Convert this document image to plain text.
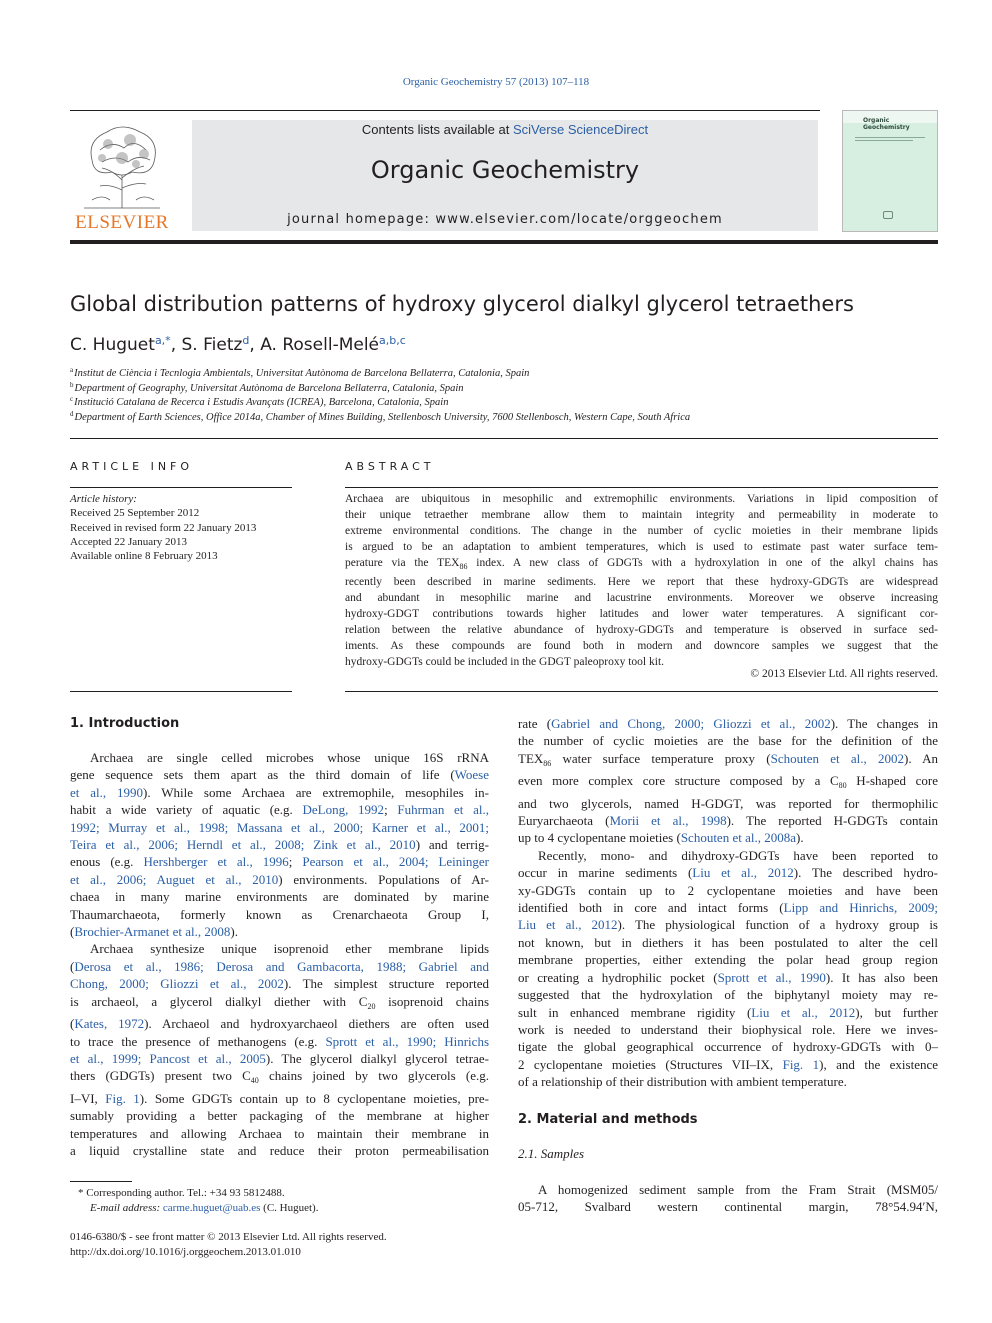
Organic Geochemistry 57 (2013) 107–118
ELSEVIER
Contents lists available at SciVerse ScienceDirect
Organic Geochemistry
journal homepage: www.elsevier.com/locate/orggeochem
Organic
Geochemistry
Global distribution patterns of hydroxy glycerol dialkyl glycerol tetraethers
C. Huguet$^{a,*}$, S. Fietz$^d$, A. Rosell-Melé$^{a,b,c}$
$^a$Institut de Ciència i Tecnlogia Ambientals, Universitat Autònoma de Barcelona Bellaterra, Catalonia, Spain
$^b$Department of Geography, Universitat Autònoma de Barcelona Bellaterra, Catalonia, Spain
$^c$Institució Catalana de Recerca i Estudis Avançats (ICREA), Barcelona, Catalonia, Spain
$^d$Department of Earth Sciences, Office 2014a, Chamber of Mines Building, Stellenbosch University, 7600 Stellenbosch, Western Cape, South Africa
ARTICLE INFO
Article history:
Received 25 September 2012
Received in revised form 22 January 2013
Accepted 22 January 2013
Available online 8 February 2013
ABSTRACT
Archaea are ubiquitous in mesophilic and extremophilic environments. Variations in lipid composition of
their unique tetraether membrane allow them to maintain integrity and permeability in moderate to
extreme environmental conditions. The change in the number of cyclic moieties in their membrane lipids
is argued to be an adaptation to ambient temperatures, which is used to estimate past water surface tem-
perature via the $TEX_{86}$ index. A new class of GDGTs with a hydroxylation in one of the alkyl chains has
recently been described in marine sediments. Here we report that these hydroxy-GDGTs are widespread
and abundant in mesophilic marine and lacustrine environments. Moreover we observe increasing
hydroxy-GDGT contributions towards higher latitudes and lower water temperatures. A significant cor-
relation between the relative abundance of hydroxy-GDGTs and temperature is observed in surface sed-
iments. As these compounds are found both in modern and downcore samples we suggest that the
hydroxy-GDGTs could be included in the GDGT paleoproxy tool kit.
© 2013 Elsevier Ltd. All rights reserved.
1. Introduction
Archaea are single celled microbes whose unique 16S rRNA
gene sequence sets them apart as the third domain of life (Woese
et al., 1990). While some Archaea are extremophile, mesophiles in-
habit a wide variety of aquatic (e.g. DeLong, 1992; Fuhrman et al.,
1992; Murray et al., 1998; Massana et al., 2000; Karner et al., 2001;
Teira et al., 2006; Herndl et al., 2008; Zink et al., 2010) and terrig-
enous (e.g. Hershberger et al., 1996; Pearson et al., 2004; Leininger
et al., 2006; Auguet et al., 2010) environments. Populations of Ar-
chaea in many marine environments are dominated by marine
Thaumarchaeota, formerly known as Crenarchaeota Group I,
(Brochier-Armanet et al., 2008).
Archaea synthesize unique isoprenoid ether membrane lipids
(Derosa et al., 1986; Derosa and Gambacorta, 1988; Gabriel and
Chong, 2000; Gliozzi et al., 2002). The simplest structure reported
is archaeol, a glycerol dialkyl diether with $C_{20}$ isoprenoid chains
(Kates, 1972). Archaeol and hydroxyarchaeol diethers are often used
to trace the presence of methanogens (e.g. Sprott et al., 1990; Hinrichs
et al., 1999; Pancost et al., 2005). The glycerol dialkyl glycerol tetrae-
thers (GDGTs) present two $C_{40}$ chains joined by two glycerols (e.g.
I–VI, Fig. 1). Some GDGTs contain up to 8 cyclopentane moieties, pre-
sumably providing a better packaging of the membrane at higher
temperatures and allowing Archaea to maintain their membrane in
a liquid crystalline state and reduce their proton permeabilisation
rate (Gabriel and Chong, 2000; Gliozzi et al., 2002). The changes in
the number of cyclic moieties are the base for the definition of the
$TEX_{86}$ water surface temperature proxy (Schouten et al., 2002). An
even more complex core structure composed by a $C_{80}$ H-shaped core
and two glycerols, named H-GDGT, was reported for thermophilic
Euryarchaeota (Morii et al., 1998). The reported H-GDGTs contain
up to 4 cyclopentane moieties (Schouten et al., 2008a).
Recently, mono- and dihydroxy-GDGTs have been reported to
occur in marine sediments (Liu et al., 2012). The described hydro-
xy-GDGTs contain up to 2 cyclopentane moieties and have been
identified both in core and intact forms (Lipp and Hinrichs, 2009;
Liu et al., 2012). The physiological function of a hydroxy group is
not known, but in diethers it has been postulated to alter the cell
membrane properties, either extending the polar head group region
or creating a hydrophilic pocket (Sprott et al., 1990). It has also been
suggested that the hydroxylation of the biphytanyl moiety may re-
sult in enhanced membrane rigidity (Liu et al., 2012), but further
work is needed to understand their biophysical role. Here we inves-
tigate the global geographical occurrence of hydroxy-GDGTs with 0–
2 cyclopentane moieties (Structures VII–IX, Fig. 1), and the existence
of a relationship of their distribution with ambient temperature.
2. Material and methods
2.1. Samples
A homogenized sediment sample from the Fram Strait (MSM05/
05-712, Svalbard western continental margin, 78°54.94′N,
* Corresponding author. Tel.: +34 93 5812488.
E-mail address: carme.huguet@uab.es (C. Huguet).
0146-6380/$ - see front matter © 2013 Elsevier Ltd. All rights reserved.
http://dx.doi.org/10.1016/j.orggeochem.2013.01.010
